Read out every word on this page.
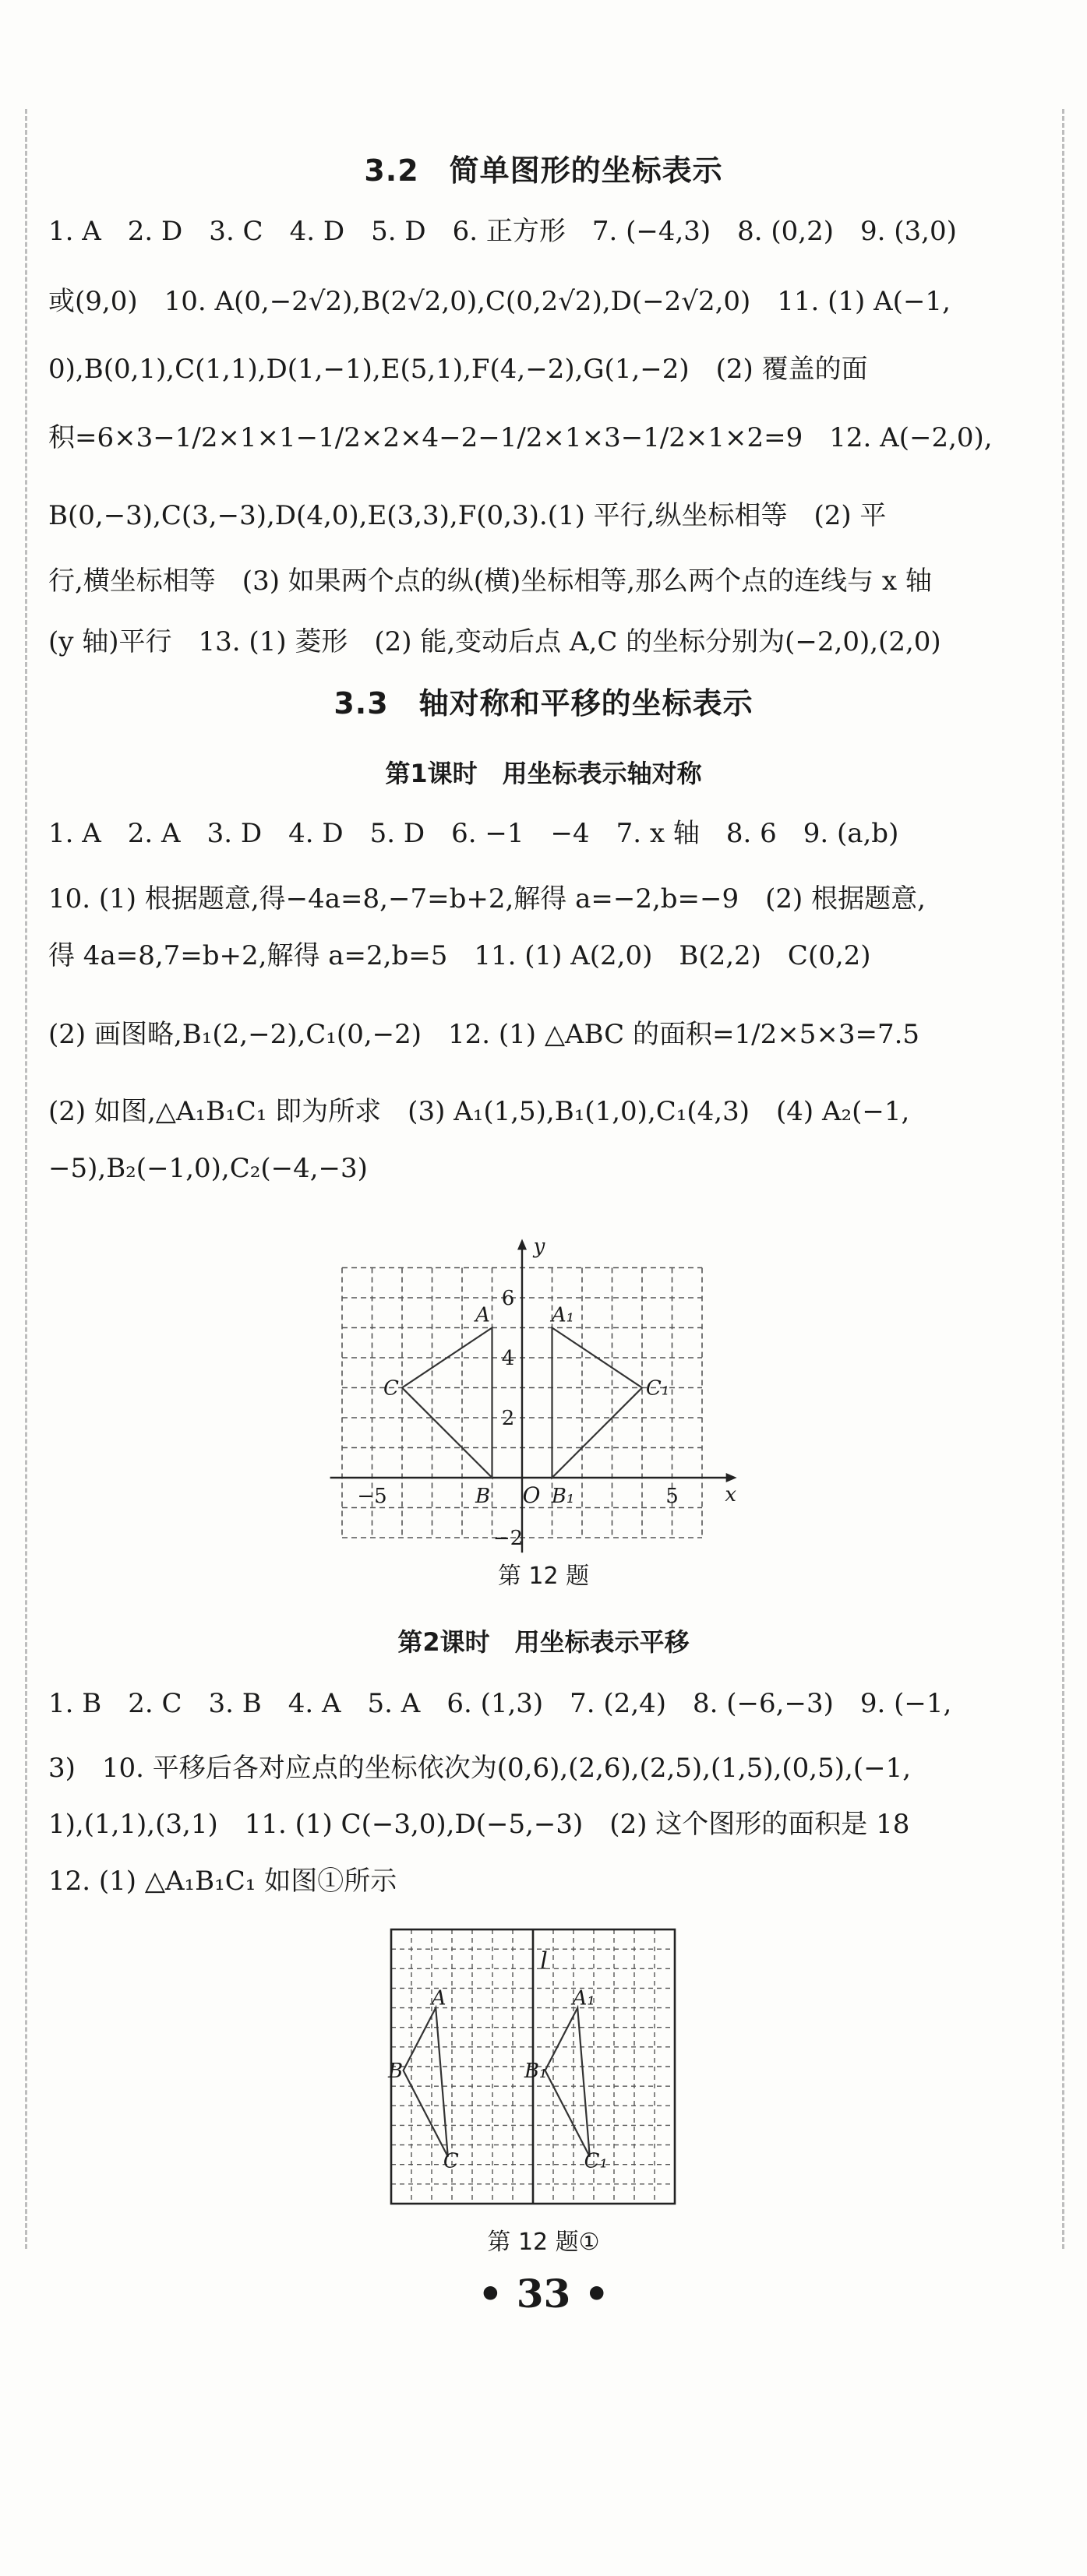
3.2　简单图形的坐标表示
1. A　2. D　3. C　4. D　5. D　6. 正方形　7. (−4,3)　8. (0,2)　9. (3,0)
或(9,0)　10. A(0,−2√2),B(2√2,0),C(0,2√2),D(−2√2,0)　11. (1) A(−1,
0),B(0,1),C(1,1),D(1,−1),E(5,1),F(4,−2),G(1,−2)　(2) 覆盖的面
积=6×3−1/2×1×1−1/2×2×4−2−1/2×1×3−1/2×1×2=9　12. A(−2,0),
B(0,−3),C(3,−3),D(4,0),E(3,3),F(0,3).(1) 平行,纵坐标相等　(2) 平
行,横坐标相等　(3) 如果两个点的纵(横)坐标相等,那么两个点的连线与 x 轴
(y 轴)平行　13. (1) 菱形　(2) 能,变动后点 A,C 的坐标分别为(−2,0),(2,0)
3.3　轴对称和平移的坐标表示
第1课时　用坐标表示轴对称
1. A　2. A　3. D　4. D　5. D　6. −1　−4　7. x 轴　8. 6　9. (a,b)
10. (1) 根据题意,得−4a=8,−7=b+2,解得 a=−2,b=−9　(2) 根据题意,
得 4a=8,7=b+2,解得 a=2,b=5　11. (1) A(2,0)　B(2,2)　C(0,2)
(2) 画图略,B₁(2,−2),C₁(0,−2)　12. (1) △ABC 的面积=1/2×5×3=7.5
(2) 如图,△A₁B₁C₁ 即为所求　(3) A₁(1,5),B₁(1,0),C₁(4,3)　(4) A₂(−1,
−5),B₂(−1,0),C₂(−4,−3)
x
y
O
−5	5
6
4
2
−2
A
B
C
A₁
B₁
C₁
第 12 题
第2课时　用坐标表示平移
1. B　2. C　3. B　4. A　5. A　6. (1,3)　7. (2,4)　8. (−6,−3)　9. (−1,
3)　10. 平移后各对应点的坐标依次为(0,6),(2,6),(2,5),(1,5),(0,5),(−1,
1),(1,1),(3,1)　11. (1) C(−3,0),D(−5,−3)　(2) 这个图形的面积是 18
12. (1) △A₁B₁C₁ 如图①所示
l
A
B
C
A₁
B₁
C₁
第 12 题①
• 33 •
